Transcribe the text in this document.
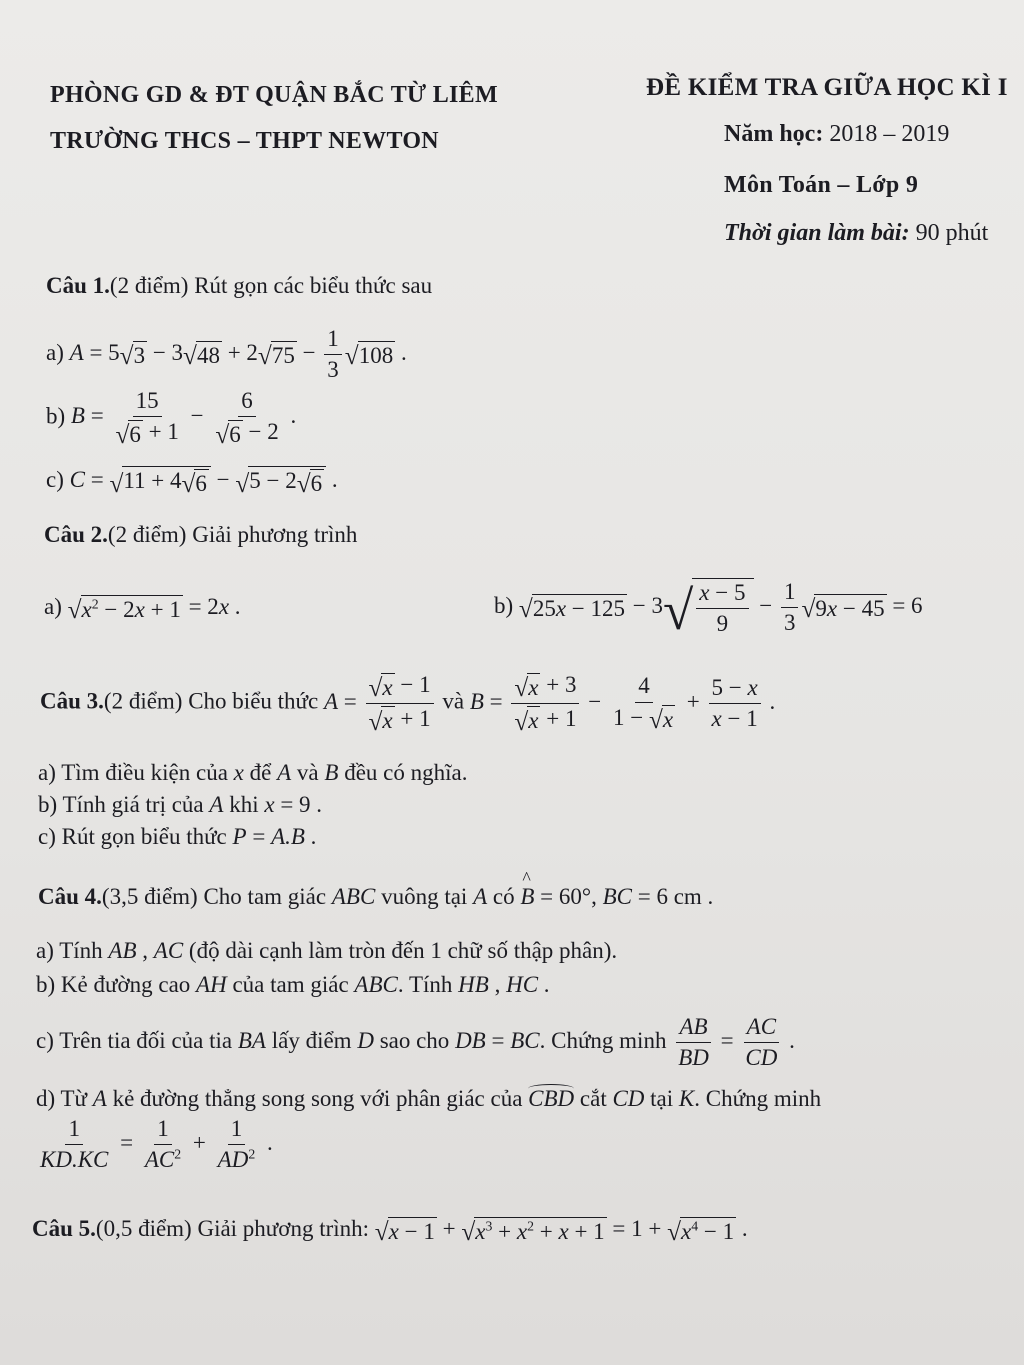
PHÒNG GD & ĐT QUẬN BẮC TỪ LIÊM
TRƯỜNG THCS – THPT NEWTON
ĐỀ KIỂM TRA GIỮA HỌC KÌ I
Năm học: 2018 – 2019
Môn Toán – Lớp 9
Thời gian làm bài: 90 phút
Câu 1.(2 điểm) Rút gọn các biểu thức sau
a) A = 5 √ 3 − 3 √ 48 + 2 √ $75 - \frac{1}{3}$ √ 108 .
b) $B = \frac{15}{√ 6 + 1} - \frac{6}{√ 6 - 2}$ .
c) C = √ 11 + 4 √ 6 − √ 5 − 2 √ 6 .
Câu 2.(2 điểm) Giải phương trình
a) √ $x^2 - 2x + 1 = 2x$ .	b) √ 25x − 125 − 3 √ $\frac{x - 5}{9} - \frac{1}{3}$ √ 9x − 45 = 6
Câu 3.(2 điểm) Cho biểu thức $A = \frac{√ x - 1}{√ x + 1}$ và $B = \frac{√ x + 3}{√ x + 1} - \frac{4}{1 - √ x} + \frac{5 - x}{x - 1}$ .
a) Tìm điều kiện của x để A và B đều có nghĩa.
b) Tính giá trị của A khi x = 9 .
c) Rút gọn biểu thức P = A.B .
Câu 4.(3,5 điểm) Cho tam giác ABC vuông tại A có ^ B = 60°, BC = 6 cm .
a) Tính AB , AC (độ dài cạnh làm tròn đến 1 chữ số thập phân).
b) Kẻ đường cao AH của tam giác ABC. Tính HB , HC .
c) Trên tia đối của tia BA lấy điểm D sao cho DB = BC. Chứng minh $\frac{AB}{BD} = \frac{AC}{CD}$ .
d) Từ A kẻ đường thẳng song song với phân giác của CBD cắt CD tại K. Chứng minh
$\frac{1}{KD.KC} = \frac{1}{AC^2} + \frac{1}{AD^2}$ .
Câu 5.(0,5 điểm) Giải phương trình: √ x − 1 + √ $x^3 + x^2 + x + 1 = 1$ + √ $x^4 - 1$ .
